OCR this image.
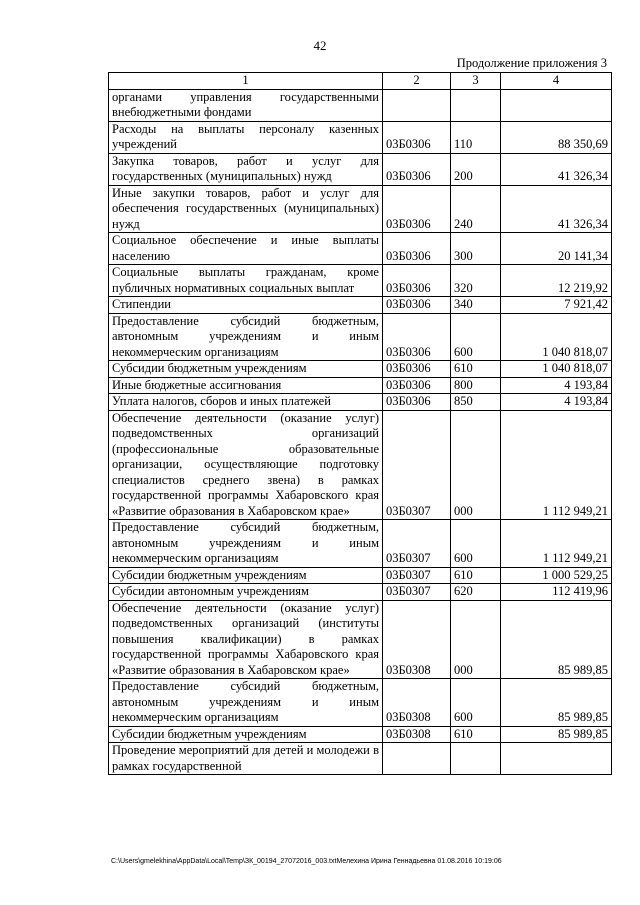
42
Продолжение приложения 3
1	2	3	4
органами управления государственными внебюджетными фондами			
Расходы на выплаты персоналу казенных учреждений	03Б0306	110	88 350,69
Закупка товаров, работ и услуг для государственных (муниципальных) нужд	03Б0306	200	41 326,34
Иные закупки товаров, работ и услуг для обеспечения государственных (муниципальных) нужд	03Б0306	240	41 326,34
Социальное обеспечение и иные выплаты населению	03Б0306	300	20 141,34
Социальные выплаты гражданам, кроме публичных нормативных социальных выплат	03Б0306	320	12 219,92
Стипендии	03Б0306	340	7 921,42
Предоставление субсидий бюджетным, автономным учреждениям и иным некоммерческим организациям	03Б0306	600	1 040 818,07
Субсидии бюджетным учреждениям	03Б0306	610	1 040 818,07
Иные бюджетные ассигнования	03Б0306	800	4 193,84
Уплата налогов, сборов и иных платежей	03Б0306	850	4 193,84
Обеспечение деятельности (оказание услуг) подведомственных организаций (профессиональные образовательные организации, осуществляющие подготовку специалистов среднего звена) в рамках государственной программы Хабаровского края «Развитие образования в Хабаровском крае»	03Б0307	000	1 112 949,21
Предоставление субсидий бюджетным, автономным учреждениям и иным некоммерческим организациям	03Б0307	600	1 112 949,21
Субсидии бюджетным учреждениям	03Б0307	610	1 000 529,25
Субсидии автономным учреждениям	03Б0307	620	112 419,96
Обеспечение деятельности (оказание услуг) подведомственных организаций (институты повышения квалификации) в рамках государственной программы Хабаровского края «Развитие образования в Хабаровском крае»	03Б0308	000	85 989,85
Предоставление субсидий бюджетным, автономным учреждениям и иным некоммерческим организациям	03Б0308	600	85 989,85
Субсидии бюджетным учреждениям	03Б0308	610	85 989,85
Проведение мероприятий для детей и молодежи в рамках государственной			
C:\Users\gmelekhina\AppData\Local\Temp\ЗК_00194_27072016_003.txtМелехина Ирина Геннадьевна 01.08.2016 10:19:06
